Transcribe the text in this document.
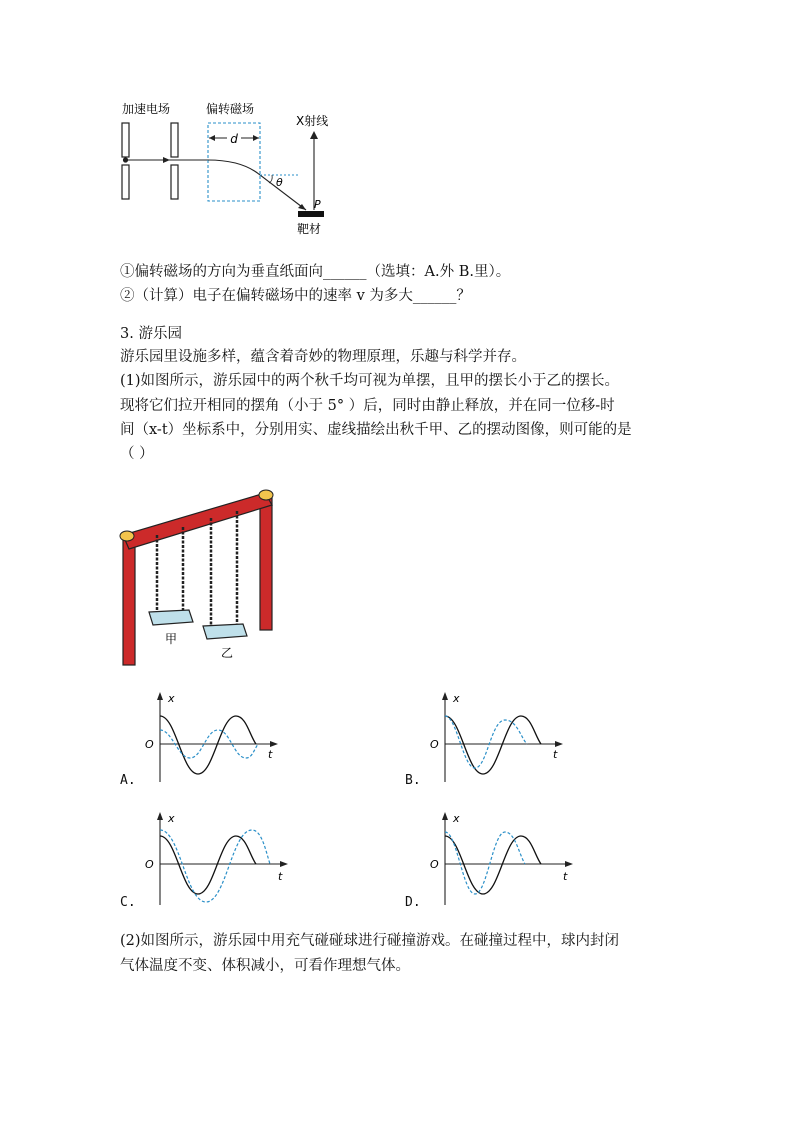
d
θ
P
加速电场	偏转磁场
X射线
靶材
①偏转磁场的方向为垂直纸面向______（选填：A.外 B.里）。
②（计算）电子在偏转磁场中的速率 v 为多大______？
3. 游乐园
游乐园里设施多样，蕴含着奇妙的物理原理，乐趣与科学并存。
(1)如图所示，游乐园中的两个秋千均可视为单摆，且甲的摆长小于乙的摆长。
现将它们拉开相同的摆角（小于 5° ）后，同时由静止释放，并在同一位移-时
间（x-t）坐标系中，分别用实、虚线描绘出秋千甲、乙的摆动图像，则可能的是
（ ）
甲
乙
x
t
O
A.
x
t
O
B.
x
t
O
C.
x
t
O
D.
(2)如图所示，游乐园中用充气碰碰球进行碰撞游戏。在碰撞过程中，球内封闭
气体温度不变、体积减小，可看作理想气体。
